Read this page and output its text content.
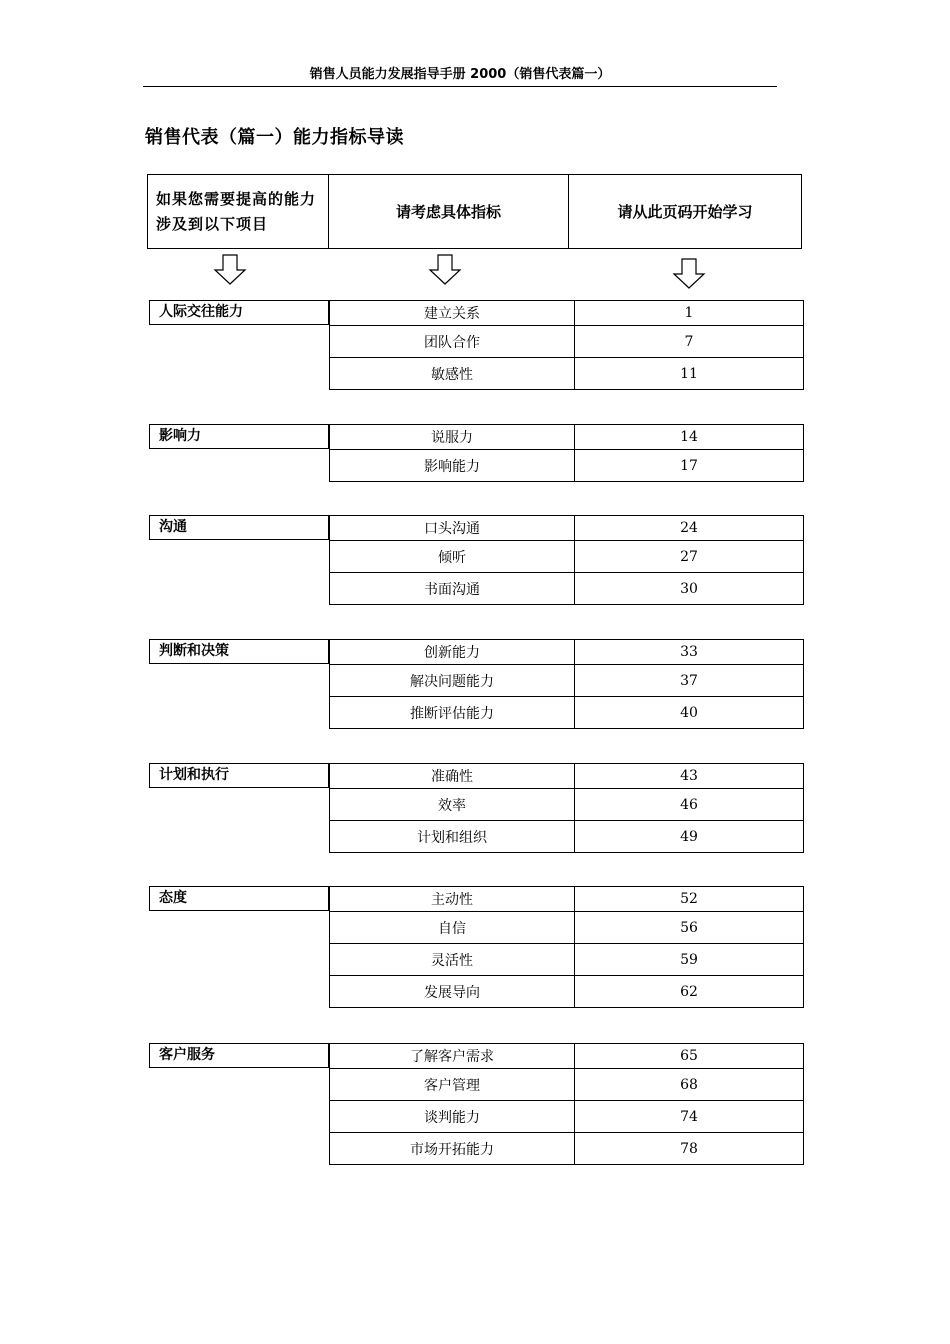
销售人员能力发展指导手册 2000（销售代表篇一）
销售代表（篇一）能力指标导读
如果您需要提高的能力涉及到以下项目	请考虑具体指标	请从此页码开始学习
人际交往能力	建立关系	1
团队合作	7
敏感性	11
影响力	说服力	14
影响能力	17
沟通	口头沟通	24
倾听	27
书面沟通	30
判断和决策	创新能力	33
解决问题能力	37
推断评估能力	40
计划和执行	准确性	43
效率	46
计划和组织	49
态度	主动性	52
自信	56
灵活性	59
发展导向	62
客户服务	了解客户需求	65
客户管理	68
谈判能力	74
市场开拓能力	78
